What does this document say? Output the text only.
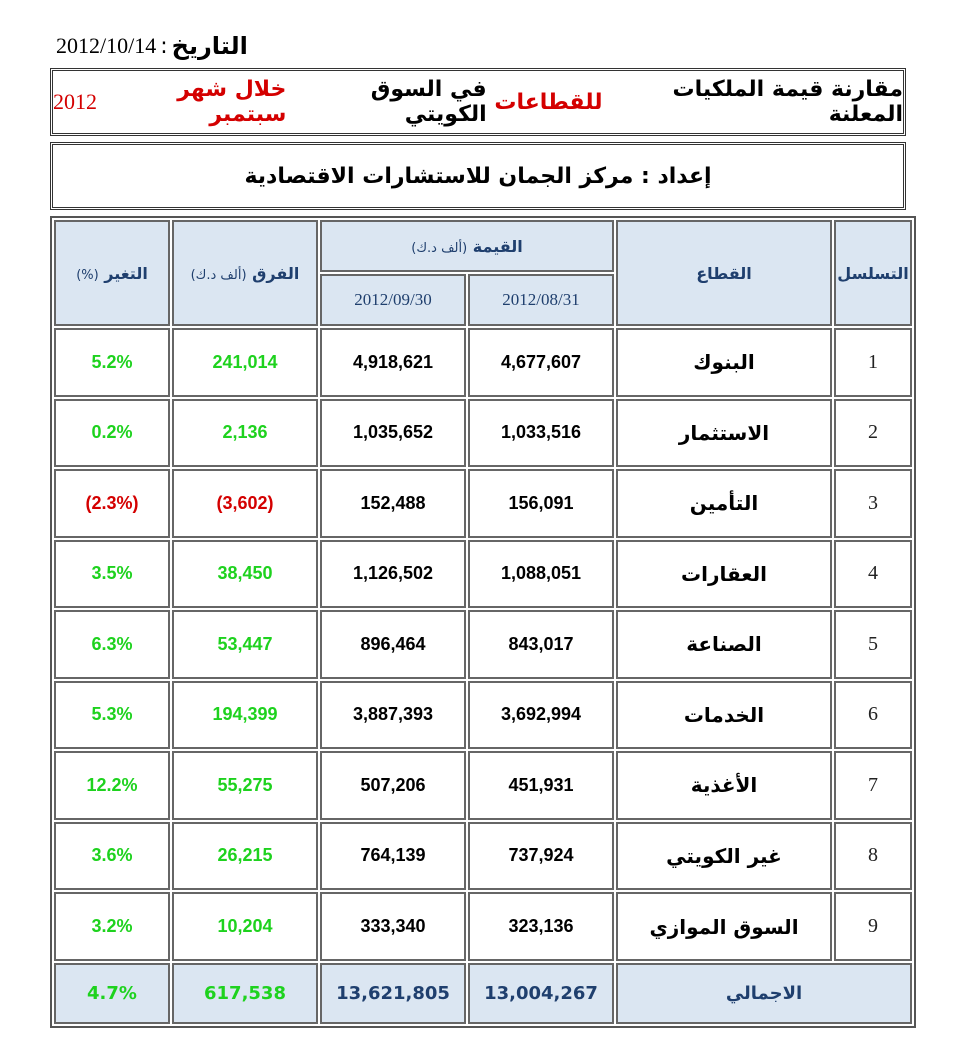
التاريخ
:
2012/10/14
مقارنة قيمة الملكيات المعلنة

للقطاعات

في السوق الكويتي

خلال شهر سبتمبر

2012
إعداد :

مركز الجمان للاستشارات الاقتصادية
التسلسل	القطاع	القيمة (ألف د.ك)		الفرق (ألف د.ك)	التغير (%)
		2012/08/31	2012/09/30		
1	البنوك	4,677,607	4,918,621	241,014	5.2%
2	الاستثمار	1,033,516	1,035,652	2,136	0.2%
3	التأمين	156,091	152,488	(3,602)	(2.3%)
4	العقارات	1,088,051	1,126,502	38,450	3.5%
5	الصناعة	843,017	896,464	53,447	6.3%
6	الخدمات	3,692,994	3,887,393	194,399	5.3%
7	الأغذية	451,931	507,206	55,275	12.2%
8	غير الكويتي	737,924	764,139	26,215	3.6%
9	السوق الموازي	323,136	333,340	10,204	3.2%
الاجمالي		13,004,267	13,621,805	617,538	4.7%
